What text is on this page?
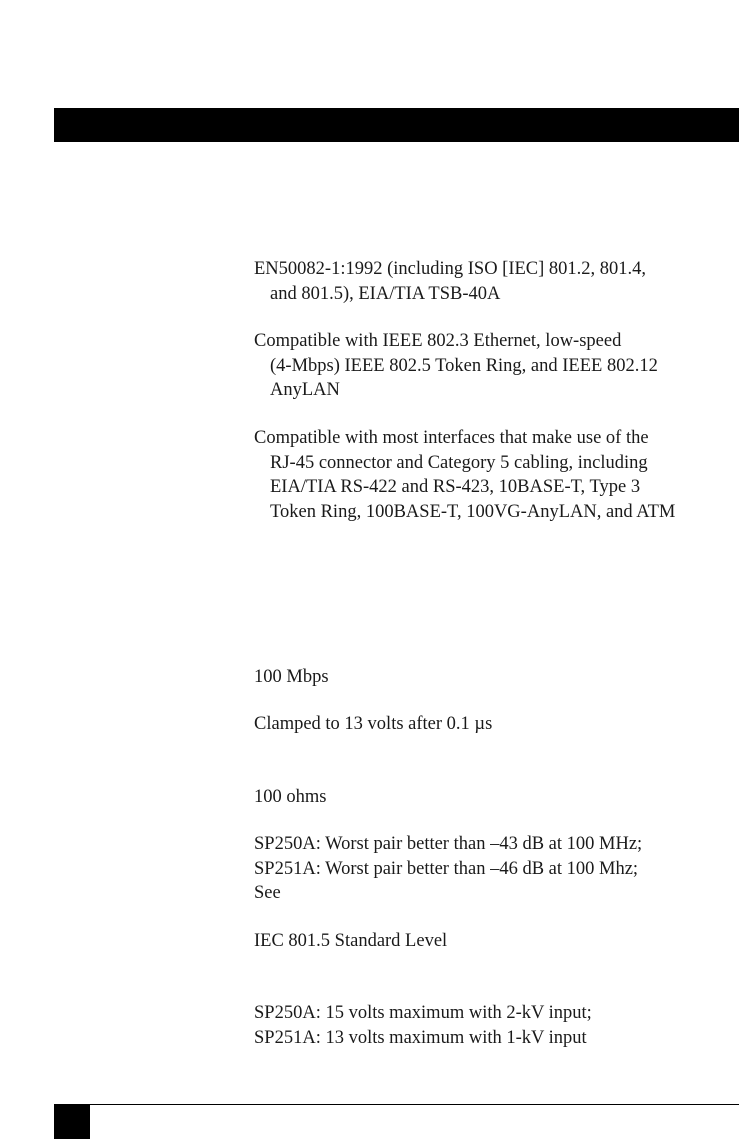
EN50082-1:1992 (including ISO [IEC] 801.2, 801.4,
and 801.5), EIA/TIA TSB-40A
Compatible with IEEE 802.3 Ethernet, low-speed
(4-Mbps) IEEE 802.5 Token Ring, and IEEE 802.12
AnyLAN
Compatible with most interfaces that make use of the
RJ-45 connector and Category 5 cabling, including
EIA/TIA RS-422 and RS-423, 10BASE-T, Type 3
Token Ring, 100BASE-T, 100VG-AnyLAN, and ATM
100 Mbps
Clamped to 13 volts after 0.1 µs
100 ohms
SP250A: Worst pair better than –43 dB at 100 MHz;
SP251A: Worst pair better than –46 dB at 100 Mhz;
See
IEC 801.5 Standard Level
SP250A: 15 volts maximum with 2-kV input;
SP251A: 13 volts maximum with 1-kV input
